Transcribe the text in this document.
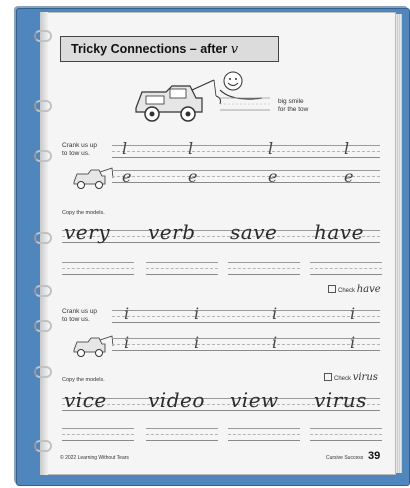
Tricky Connections – after v
big smile
for the tow
Crank us up
to tow us.	l	l	l	l
e	e	e	e
Copy the models.
very verb save have
Check have
Crank us up
to tow us.	i	i	i	i
i	i	i	i
Check virus
Copy the models.
vice video view virus
© 2022 Learning Without Tears	Cursive Success 39
